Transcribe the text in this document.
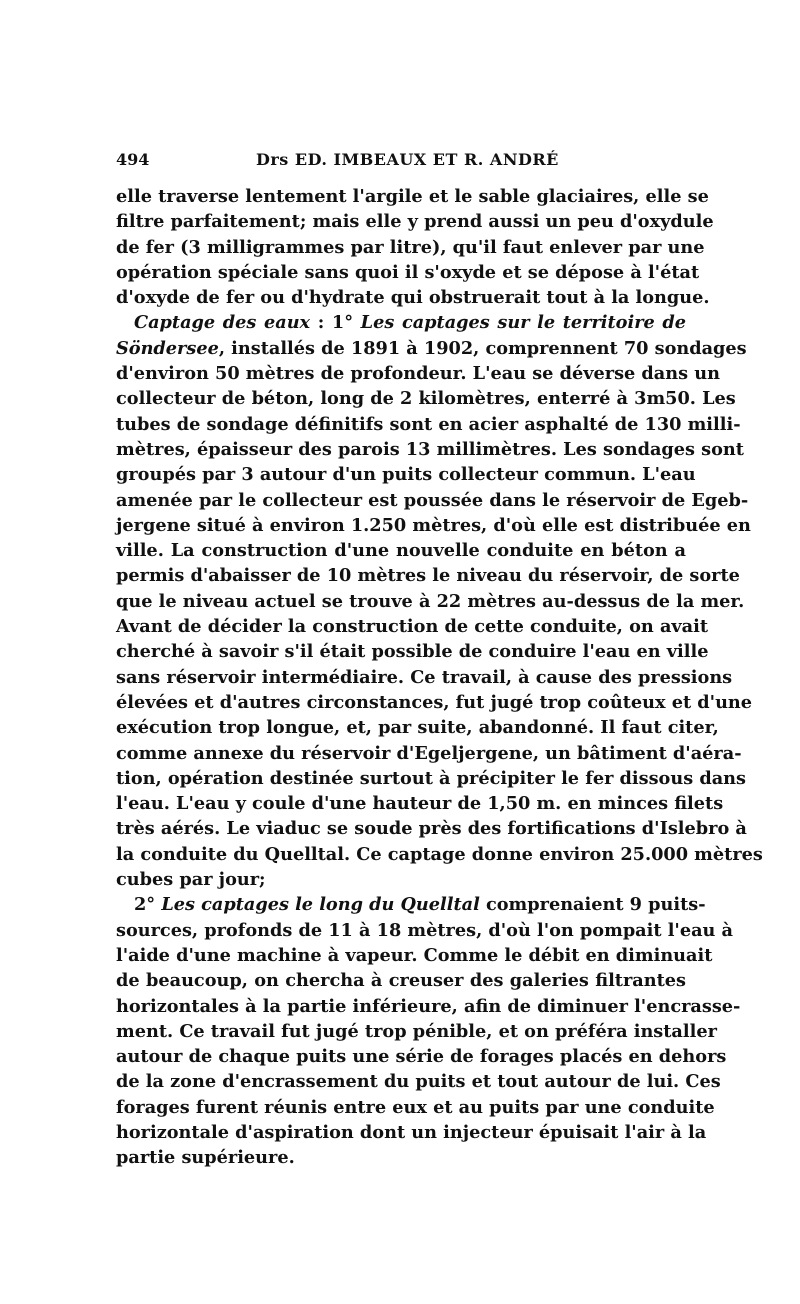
494	Drs ED. IMBEAUX ET R. ANDRÉ
elle traverse lentement l'argile et le sable glaciaires, elle se
filtre parfaitement; mais elle y prend aussi un peu d'oxydule
de fer (3 milligrammes par litre), qu'il faut enlever par une
opération spéciale sans quoi il s'oxyde et se dépose à l'état
d'oxyde de fer ou d'hydrate qui obstruerait tout à la longue.
Captage des eaux : 1° Les captages sur le territoire de
Söndersee, installés de 1891 à 1902, comprennent 70 sondages
d'environ 50 mètres de profondeur. L'eau se déverse dans un
collecteur de béton, long de 2 kilomètres, enterré à 3m50. Les
tubes de sondage définitifs sont en acier asphalté de 130 milli-
mètres, épaisseur des parois 13 millimètres. Les sondages sont
groupés par 3 autour d'un puits collecteur commun. L'eau
amenée par le collecteur est poussée dans le réservoir de Egeb-
jergene situé à environ 1.250 mètres, d'où elle est distribuée en
ville. La construction d'une nouvelle conduite en béton a
permis d'abaisser de 10 mètres le niveau du réservoir, de sorte
que le niveau actuel se trouve à 22 mètres au-dessus de la mer.
Avant de décider la construction de cette conduite, on avait
cherché à savoir s'il était possible de conduire l'eau en ville
sans réservoir intermédiaire. Ce travail, à cause des pressions
élevées et d'autres circonstances, fut jugé trop coûteux et d'une
exécution trop longue, et, par suite, abandonné. Il faut citer,
comme annexe du réservoir d'Egeljergene, un bâtiment d'aéra-
tion, opération destinée surtout à précipiter le fer dissous dans
l'eau. L'eau y coule d'une hauteur de 1,50 m. en minces filets
très aérés. Le viaduc se soude près des fortifications d'Islebro à
la conduite du Quelltal. Ce captage donne environ 25.000 mètres
cubes par jour;
2° Les captages le long du Quelltal comprenaient 9 puits-
sources, profonds de 11 à 18 mètres, d'où l'on pompait l'eau à
l'aide d'une machine à vapeur. Comme le débit en diminuait
de beaucoup, on chercha à creuser des galeries filtrantes
horizontales à la partie inférieure, afin de diminuer l'encrasse-
ment. Ce travail fut jugé trop pénible, et on préféra installer
autour de chaque puits une série de forages placés en dehors
de la zone d'encrassement du puits et tout autour de lui. Ces
forages furent réunis entre eux et au puits par une conduite
horizontale d'aspiration dont un injecteur épuisait l'air à la
partie supérieure.
